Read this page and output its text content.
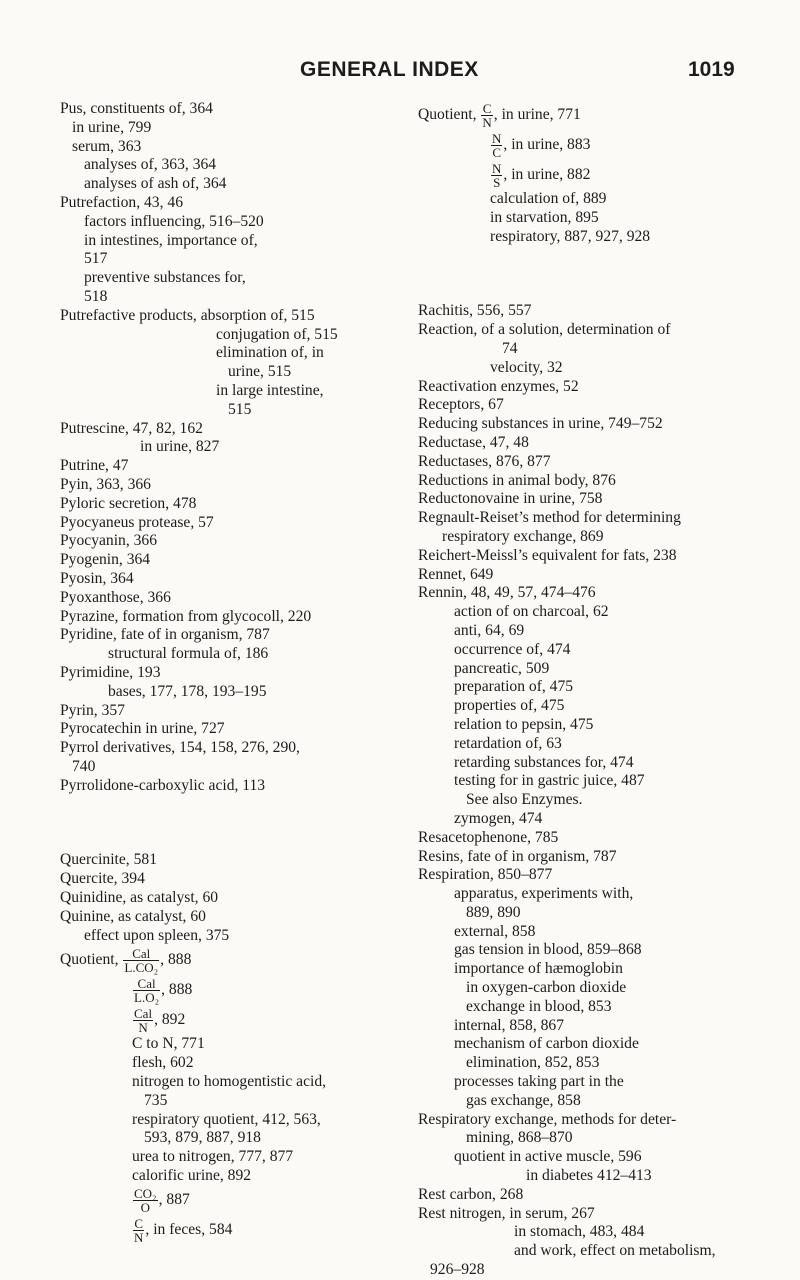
GENERAL INDEX	1019

Pus, constituents of, 364

in urine, 799

serum, 363

analyses of, 363, 364

analyses of ash of, 364

Putrefaction, 43, 46

factors influencing, 516–520

in intestines, importance of,

517

preventive substances for,

518

Putrefactive products, absorption of, 515

conjugation of, 515

elimination of, in

urine, 515

in large intestine,

515

Putrescine, 47, 82, 162

in urine, 827

Putrine, 47

Pyin, 363, 366

Pyloric secretion, 478

Pyocyaneus protease, 57

Pyocyanin, 366

Pyogenin, 364

Pyosin, 364

Pyoxanthose, 366

Pyrazine, formation from glycocoll, 220

Pyridine, fate of in organism, 787

structural formula of, 186

Pyrimidine, 193

bases, 177, 178, 193–195

Pyrin, 357

Pyrocatechin in urine, 727

Pyrrol derivatives, 154, 158, 276, 290,

740

Pyrrolidone-carboxylic acid, 113

Quercinite, 581

Quercite, 394

Quinidine, as catalyst, 60

Quinine, as catalyst, 60

effect upon spleen, 375

Quotient, $\frac{\text{Cal}}{\text{L.CO₂}}$ , 888
$\frac{\text{Cal}}{\text{L.O₂}}$ , 888
$\frac{\text{Cal}}{N}$ , 892

C to N, 771

flesh, 602

nitrogen to homogentistic acid,

735

respiratory quotient, 412, 563,

593, 879, 887, 918

urea to nitrogen, 777, 877

calorific urine, 892

$\frac{\text{CO₂}}{O}$ , 887
$\frac{C}{N}$ , in feces, 584
Quotient, $\frac{C}{N}$ , in urine, 771
$\frac{N}{C}$ , in urine, 883
$\frac{N}{S}$ , in urine, 882

calculation of, 889

in starvation, 895

respiratory, 887, 927, 928

Rachitis, 556, 557

Reaction, of a solution, determination of

74

velocity, 32

Reactivation enzymes, 52

Receptors, 67

Reducing substances in urine, 749–752

Reductase, 47, 48

Reductases, 876, 877

Reductions in animal body, 876

Reductonovaine in urine, 758

Regnault-Reiset’s method for determining

respiratory exchange, 869

Reichert-Meissl’s equivalent for fats, 238

Rennet, 649

Rennin, 48, 49, 57, 474–476

action of on charcoal, 62

anti, 64, 69

occurrence of, 474

pancreatic, 509

preparation of, 475

properties of, 475

relation to pepsin, 475

retardation of, 63

retarding substances for, 474

testing for in gastric juice, 487

See also Enzymes.

zymogen, 474

Resacetophenone, 785

Resins, fate of in organism, 787

Respiration, 850–877

apparatus, experiments with,

889, 890

external, 858

gas tension in blood, 859–868

importance of hæmoglobin

in oxygen-carbon dioxide

exchange in blood, 853

internal, 858, 867

mechanism of carbon dioxide

elimination, 852, 853

processes taking part in the

gas exchange, 858

Respiratory exchange, methods for deter-

mining, 868–870

quotient in active muscle, 596

in diabetes 412–413

Rest carbon, 268

Rest nitrogen, in serum, 267

in stomach, 483, 484

and work, effect on metabolism,

926–928
